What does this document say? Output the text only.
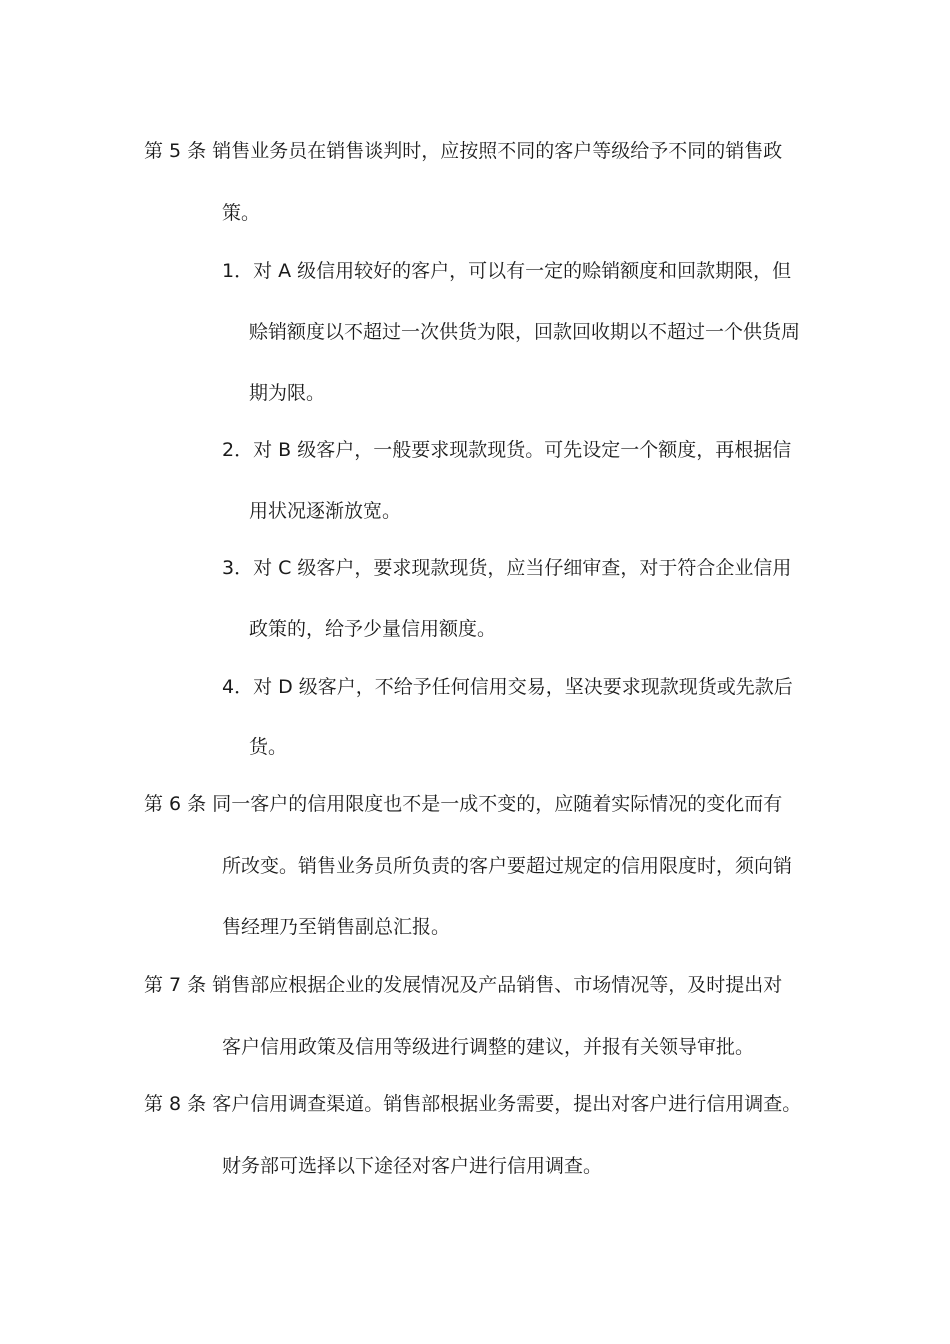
第 5 条 销售业务员在销售谈判时，应按照不同的客户等级给予不同的销售政
策。
1．对 A 级信用较好的客户，可以有一定的赊销额度和回款期限，但
赊销额度以不超过一次供货为限，回款回收期以不超过一个供货周
期为限。
2．对 B 级客户，一般要求现款现货。可先设定一个额度，再根据信
用状况逐渐放宽。
3．对 C 级客户，要求现款现货，应当仔细审查，对于符合企业信用
政策的，给予少量信用额度。
4．对 D 级客户，不给予任何信用交易，坚决要求现款现货或先款后
货。
第 6 条 同一客户的信用限度也不是一成不变的，应随着实际情况的变化而有
所改变。销售业务员所负责的客户要超过规定的信用限度时，须向销
售经理乃至销售副总汇报。
第 7 条 销售部应根据企业的发展情况及产品销售、市场情况等，及时提出对
客户信用政策及信用等级进行调整的建议，并报有关领导审批。
第 8 条 客户信用调查渠道。销售部根据业务需要，提出对客户进行信用调查。
财务部可选择以下途径对客户进行信用调查。
